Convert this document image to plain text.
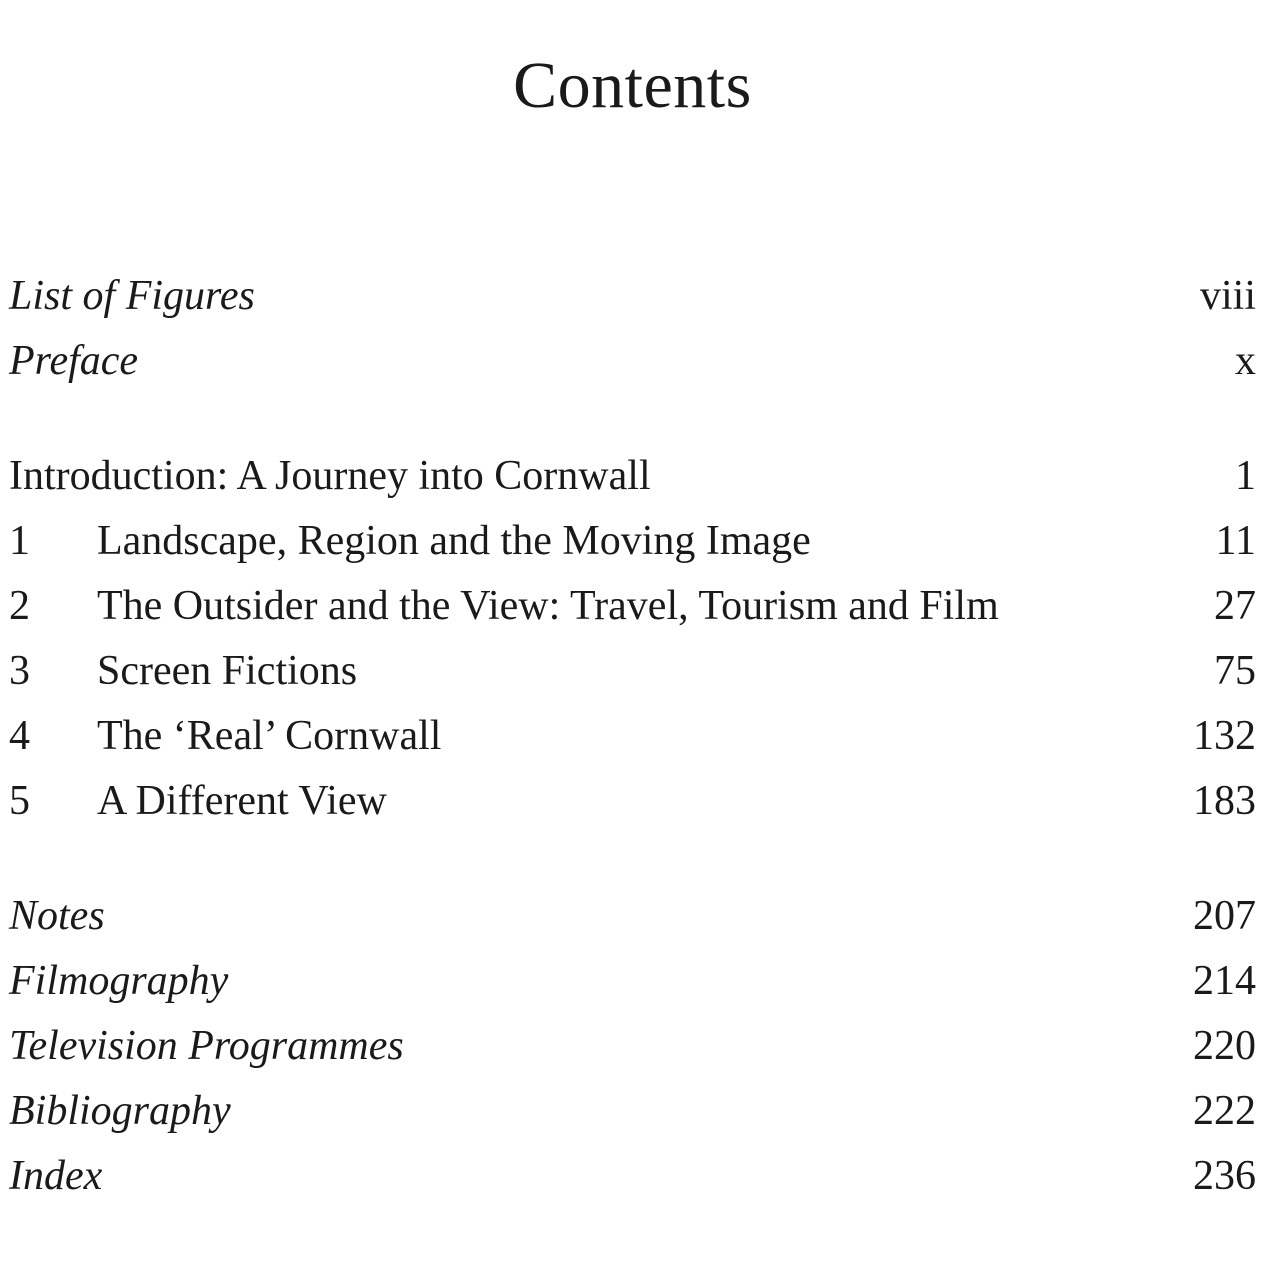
Contents
List of Figures	viii
Preface	x
Introduction: A Journey into Cornwall	1
1 Landscape, Region and the Moving Image	11
2 The Outsider and the View: Travel, Tourism and Film	27
3 Screen Fictions	75
4 The ‘Real’ Cornwall	132
5 A Different View	183
Notes	207
Filmography	214
Television Programmes	220
Bibliography	222
Index	236
